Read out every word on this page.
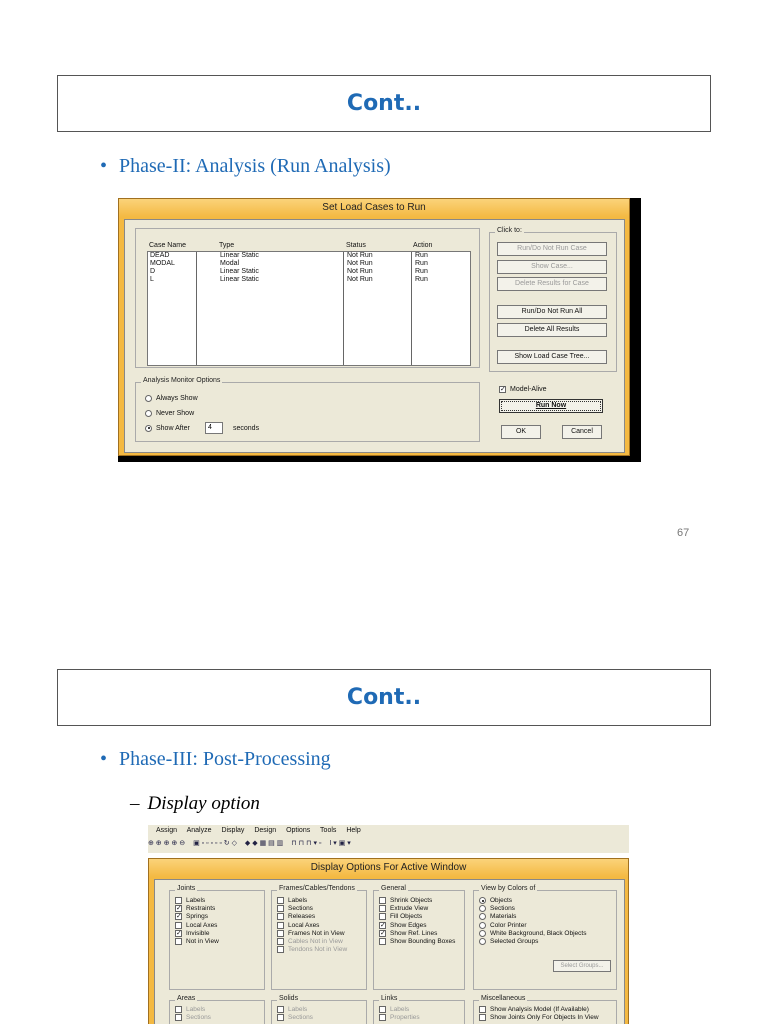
Cont..
• Phase-II: Analysis (Run Analysis)
Set Load Cases to Run
Case Name	Type	Status	Action
DEAD	Linear Static	Not Run	Run
MODAL	Modal	Not Run	Run
D	Linear Static	Not Run	Run
L	Linear Static	Not Run	Run
Click to:
Run/Do Not Run Case
Show Case...
Delete Results for Case
Run/Do Not Run All
Delete All Results
Show Load Case Tree...
Analysis Monitor Options
Always Show
Never Show
Show After	4	seconds
✓ Model-Alive
Run Now
OK	Cancel
67
Cont..
• Phase-III: Post-Processing
– Display option
Assign Analyze Display Design Options Tools Help
⊕ ⊕ ⊕ ⊕ ⊖ ▣ ▫ ▫ ▫ ▫ ▫ ↻ ◇ ◆ ◆ ▦ ▤ ▥ ⊓ ⊓ ⊓ ▾ ▫ I ▾ ▣ ▾
Display Options For Active Window
Joints
Labels
✓ Restraints
✓ Springs
Local Axes
✓ Invisible
Not in View
Frames/Cables/Tendons
Labels
Sections
Releases
Local Axes
Frames Not in View
Cables Not in View
Tendons Not in View
General
Shrink Objects
Extrude View
Fill Objects
✓ Show Edges
✓ Show Ref. Lines
Show Bounding Boxes
View by Colors of
Objects
Sections
Materials
Color Printer
White Background, Black Objects
Selected Groups
Select Groups...
Areas
Labels
Sections
Solids
Labels
Sections
Links
Labels
Properties
Miscellaneous
Show Analysis Model (If Available)
Show Joints Only For Objects In View
